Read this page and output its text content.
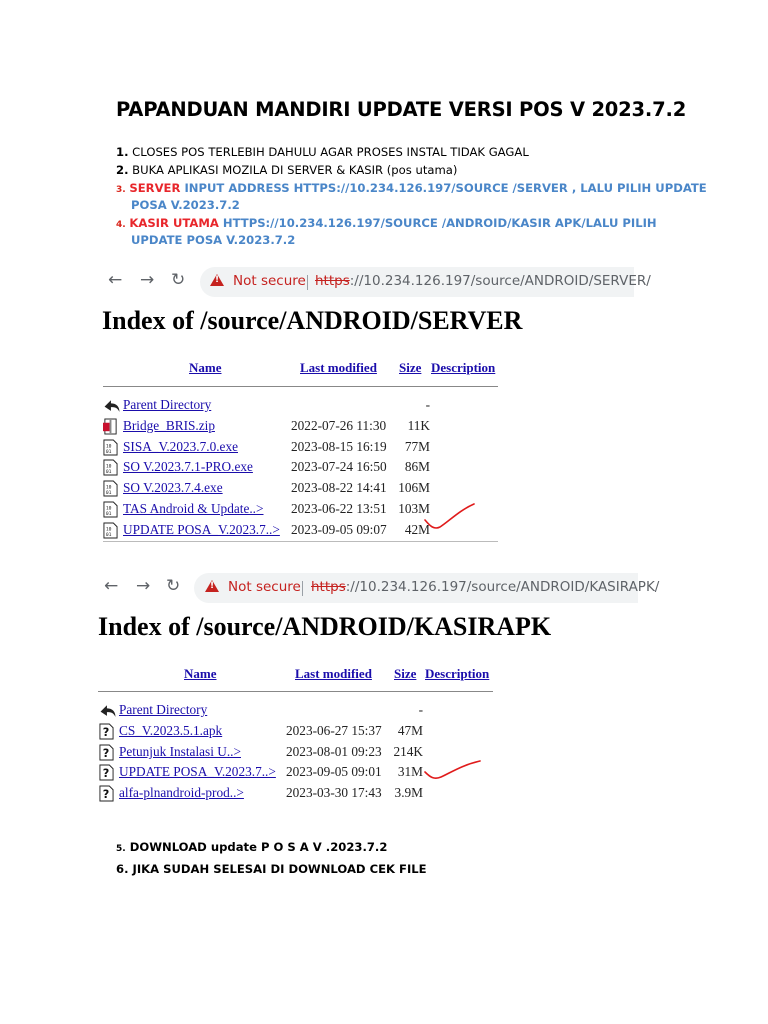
PAPANDUAN MANDIRI UPDATE VERSI POS V 2023.7.2
1. CLOSES POS TERLEBIH DAHULU AGAR PROSES INSTAL TIDAK GAGAL
2. BUKA APLIKASI MOZILA DI SERVER & KASIR (pos utama)
3. SERVER INPUT ADDRESS HTTPS://10.234.126.197/SOURCE /SERVER , LALU PILIH UPDATE
POSA V.2023.7.2
4. KASIR UTAMA HTTPS://10.234.126.197/SOURCE /ANDROID/KASIR APK/LALU PILIH
UPDATE POSA V.2023.7.2
← → ↻ !	Not secure https://10.234.126.197/source/ANDROID/SERVER/
Index of /source/ANDROID/SERVER
Name	Last modified Size Description
Parent Directory	-
Bridge_BRIS.zip	2022-07-26 11:30	11K
10
01 SISA_V.2023.7.0.exe	2023-08-15 16:19	77M
10
01 SO V.2023.7.1-PRO.exe	2023-07-24 16:50	86M
10
01 SO V.2023.7.4.exe	2023-08-22 14:41 106M
10
01 TAS Android & Update..> 2023-06-22 13:51 103M
10
01 UPDATE POSA_V.2023.7..> 2023-09-05 09:07	42M
← → ↻ !	Not secure https://10.234.126.197/source/ANDROID/KASIRAPK/
Index of /source/ANDROID/KASIRAPK
Name	Last modified Size Description
Parent Directory	-
? CS_V.2023.5.1.apk	2023-06-27 15:37	47M
? Petunjuk Instalasi U..>	2023-08-01 09:23 214K
? UPDATE POSA_V.2023.7..> 2023-09-05 09:01	31M
? alfa-plnandroid-prod..>	2023-03-30 17:43 3.9M
5. DOWNLOAD update P O S A V .2023.7.2
6. JIKA SUDAH SELESAI DI DOWNLOAD CEK FILE
